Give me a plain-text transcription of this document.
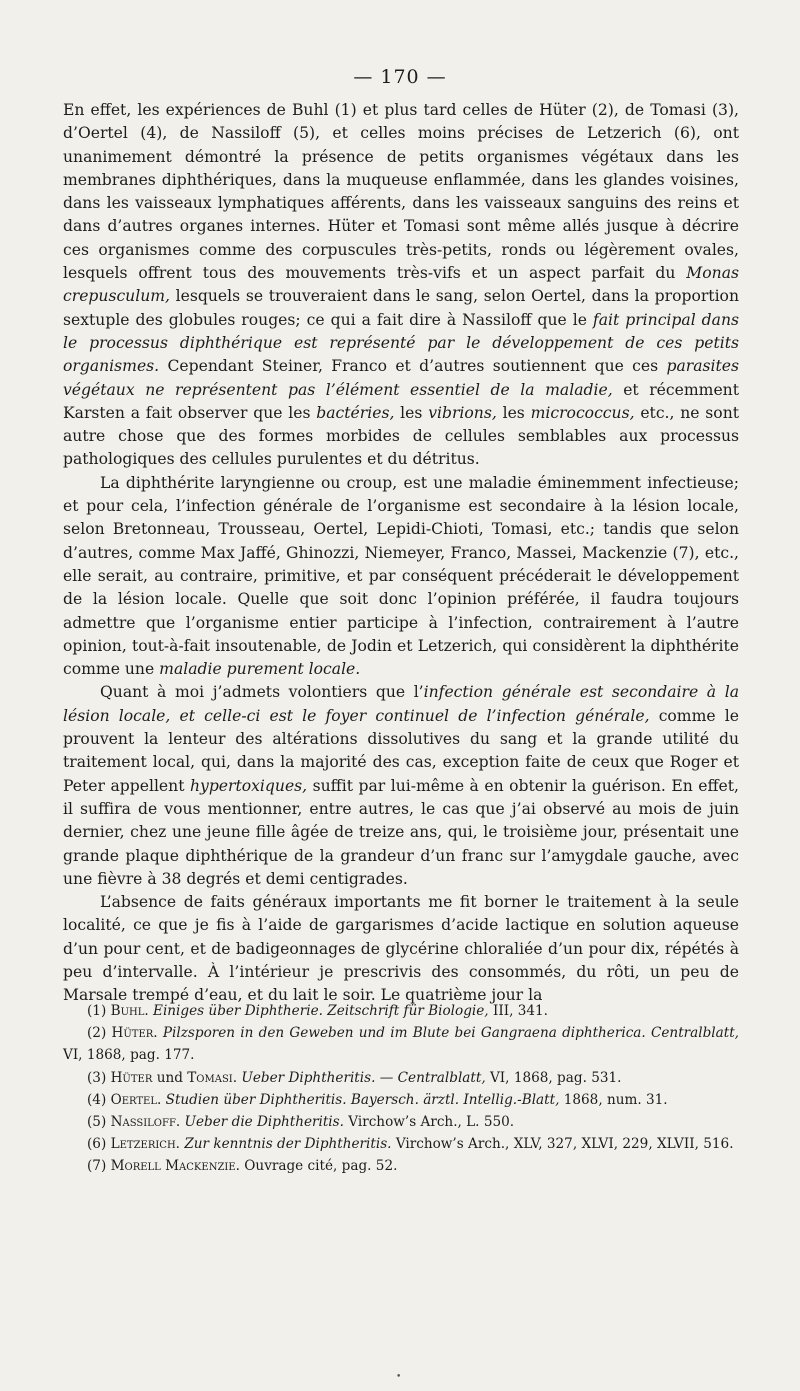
— 170 —

En effet, les expériences de Buhl (1) et plus tard celles de Hüter (2), de Tomasi (3), d’Oertel (4), de Nassiloff (5), et celles moins précises de Letzerich (6), ont unanimement démontré la présence de petits organismes végétaux dans les membranes diphthériques, dans la muqueuse enflammée, dans les glandes voisines, dans les vaisseaux lymphatiques afférents, dans les vaisseaux sanguins des reins et dans d’autres organes internes. Hüter et Tomasi sont même allés jusque à décrire ces organismes comme des corpuscules très-petits, ronds ou légèrement ovales, lesquels offrent tous des mouvements très-vifs et un aspect parfait du Monas crepusculum, lesquels se trouveraient dans le sang, selon Oertel, dans la proportion sextuple des globules rouges; ce qui a fait dire à Nassiloff que le fait principal dans le processus diphthérique est représenté par le développement de ces petits organismes. Cependant Steiner, Franco et d’autres soutiennent que ces parasites végétaux ne représentent pas l’élément essentiel de la maladie, et récemment Karsten a fait observer que les bactéries, les vibrions, les micrococcus, etc., ne sont autre chose que des formes morbides de cellules semblables aux processus pathologiques des cellules purulentes et du détritus.

La diphthérite laryngienne ou croup, est une maladie éminemment infectieuse; et pour cela, l’infection générale de l’organisme est secondaire à la lésion locale, selon Bretonneau, Trousseau, Oertel, Lepidi-Chioti, Tomasi, etc.; tandis que selon d’autres, comme Max Jaffé, Ghinozzi, Niemeyer, Franco, Massei, Mackenzie (7), etc., elle serait, au contraire, primitive, et par conséquent précéderait le développement de la lésion locale. Quelle que soit donc l’opinion préférée, il faudra toujours admettre que l’organisme entier participe à l’infection, contrairement à l’autre opinion, tout-à-fait insoutenable, de Jodin et Letzerich, qui considèrent la diphthérite comme une maladie purement locale.

Quant à moi j’admets volontiers que l’infection générale est secondaire à la lésion locale, et celle-ci est le foyer continuel de l’infection générale, comme le prouvent la lenteur des altérations dissolutives du sang et la grande utilité du traitement local, qui, dans la majorité des cas, exception faite de ceux que Roger et Peter appellent hypertoxiques, suffit par lui-même à en obtenir la guérison. En effet, il suffira de vous mentionner, entre autres, le cas que j’ai observé au mois de juin dernier, chez une jeune fille âgée de treize ans, qui, le troisième jour, présentait une grande plaque diphthérique de la grandeur d’un franc sur l’amygdale gauche, avec une fièvre à 38 degrés et demi centigrades.

L’absence de faits généraux importants me fit borner le traitement à la seule localité, ce que je fis à l’aide de gargarismes d’acide lactique en solution aqueuse d’un pour cent, et de badigeonnages de glycérine chloraliée d’un pour dix, répétés à peu d’intervalle. À l’intérieur je prescrivis des consommés, du rôti, un peu de Marsale trempé d’eau, et du lait le soir. Le quatrième jour la

(1) Buhl. Einiges über Diphtherie. Zeitschrift für Biologie, III, 341.

(2) Hüter. Pilzsporen in den Geweben und im Blute bei Gangraena diphtherica. Centralblatt, VI, 1868, pag. 177.

(3) Hüter und Tomasi. Ueber Diphtheritis. — Centralblatt, VI, 1868, pag. 531.

(4) Oertel. Studien über Diphtheritis. Bayersch. ärztl. Intellig.-Blatt, 1868, num. 31.

(5) Nassiloff. Ueber die Diphtheritis. Virchow’s Arch., L. 550.

(6) Letzerich. Zur kenntnis der Diphtheritis. Virchow’s Arch., XLV, 327, XLVI, 229, XLVII, 516.

(7) Morell Mackenzie. Ouvrage cité, pag. 52.

•
